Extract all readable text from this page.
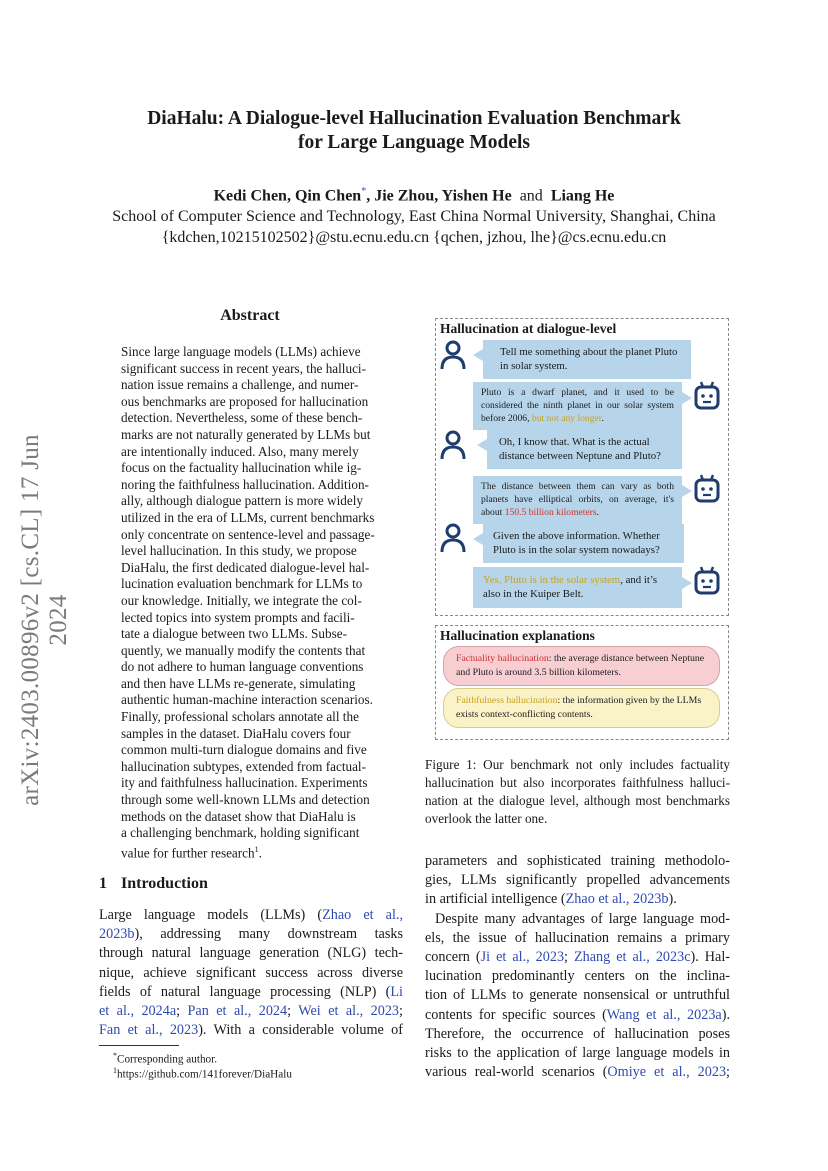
arXiv:2403.00896v2 [cs.CL] 17 Jun 2024
DiaHalu: A Dialogue-level Hallucination Evaluation Benchmark
for Large Language Models
Kedi Chen, Qin Chen*, Jie Zhou, Yishen He and Liang He
School of Computer Science and Technology, East China Normal University, Shanghai, China
{kdchen,10215102502}@stu.ecnu.edu.cn {qchen, jzhou, lhe}@cs.ecnu.edu.cn
Abstract
Since large language models (LLMs) achieve
significant success in recent years, the halluci-
nation issue remains a challenge, and numer-
ous benchmarks are proposed for hallucination
detection. Nevertheless, some of these bench-
marks are not naturally generated by LLMs but
are intentionally induced. Also, many merely
focus on the factuality hallucination while ig-
noring the faithfulness hallucination. Addition-
ally, although dialogue pattern is more widely
utilized in the era of LLMs, current benchmarks
only concentrate on sentence-level and passage-
level hallucination. In this study, we propose
DiaHalu, the first dedicated dialogue-level hal-
lucination evaluation benchmark for LLMs to
our knowledge. Initially, we integrate the col-
lected topics into system prompts and facili-
tate a dialogue between two LLMs. Subse-
quently, we manually modify the contents that
do not adhere to human language conventions
and then have LLMs re-generate, simulating
authentic human-machine interaction scenarios.
Finally, professional scholars annotate all the
samples in the dataset. DiaHalu covers four
common multi-turn dialogue domains and five
hallucination subtypes, extended from factual-
ity and faithfulness hallucination. Experiments
through some well-known LLMs and detection
methods on the dataset show that DiaHalu is
a challenging benchmark, holding significant
value for further research$^1$.
1 Introduction
Large language models (LLMs) (Zhao et al.,
2023b), addressing many downstream tasks
through natural language generation (NLG) tech-
nique, achieve significant success across diverse
fields of natural language processing (NLP) (Li
et al., 2024a; Pan et al., 2024; Wei et al., 2023;
Fan et al., 2023). With a considerable volume of
*Corresponding author.
$^1$https://github.com/141forever/DiaHalu
Hallucination at dialogue-level
Tell me something about the planet Pluto in solar system.
Pluto is a dwarf planet, and it used to be considered the ninth planet in our solar system before 2006, but not any longer.
Oh, I know that. What is the actual distance between Neptune and Pluto?
The distance between them can vary as both planets have elliptical orbits, on average, it's about 150.5 billion kilometers.
Given the above information. Whether Pluto is in the solar system nowadays?
Yes, Pluto is in the solar system, and it’s also in the Kuiper Belt.
Hallucination explanations
Factuality hallucination: the average distance between Neptune and Pluto is around 3.5 billion kilometers.
Faithfulness hallucination: the information given by the LLMs exists context-conflicting contents.
Figure 1: Our benchmark not only includes factuality
hallucination but also incorporates faithfulness halluci-
nation at the dialogue level, although most benchmarks
overlook the latter one.
parameters and sophisticated training methodolo-
gies, LLMs significantly propelled advancements
in artificial intelligence (Zhao et al., 2023b).
Despite many advantages of large language mod-
els, the issue of hallucination remains a primary
concern (Ji et al., 2023; Zhang et al., 2023c). Hal-
lucination predominantly centers on the inclina-
tion of LLMs to generate nonsensical or untruthful
contents for specific sources (Wang et al., 2023a).
Therefore, the occurrence of hallucination poses
risks to the application of large language models in
various real-world scenarios (Omiye et al., 2023;
